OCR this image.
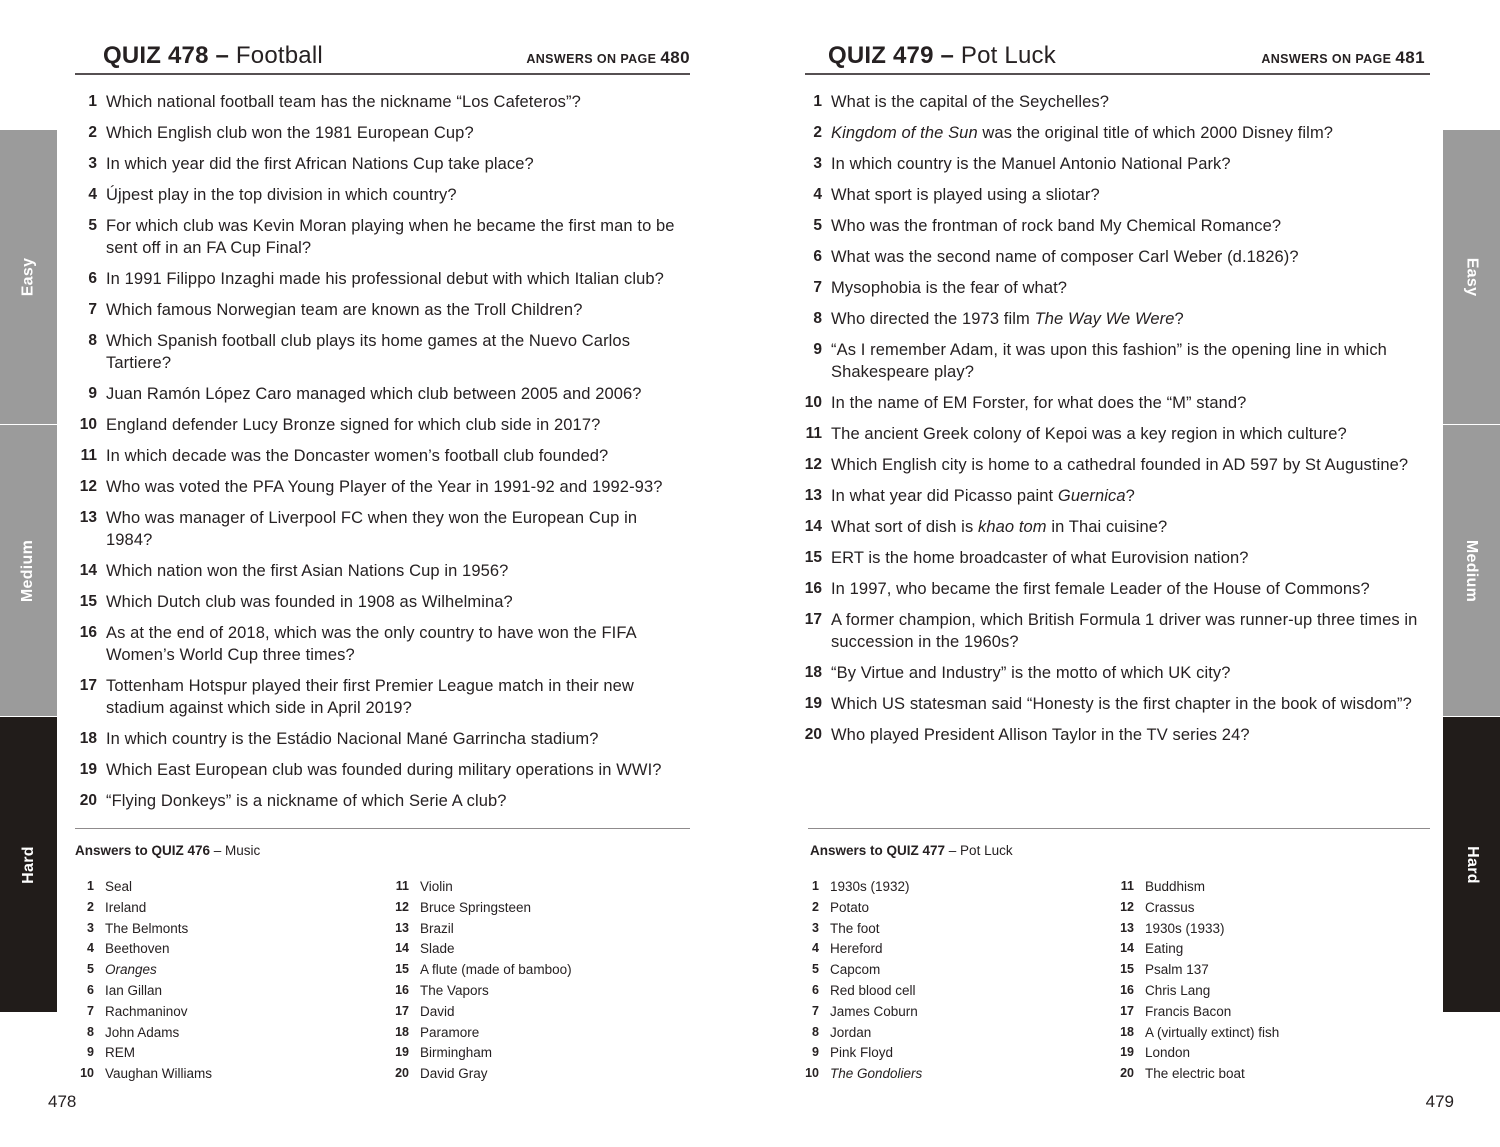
QUIZ 478 – Football	ANSWERS ON PAGE 480
1 Which national football team has the nickname “Los Cafeteros”?
2 Which English club won the 1981 European Cup?
3 In which year did the first African Nations Cup take place?
4 Újpest play in the top division in which country?
5 For which club was Kevin Moran playing when he became the first man to be sent off in an FA Cup Final?
6 In 1991 Filippo Inzaghi made his professional debut with which Italian club?
7 Which famous Norwegian team are known as the Troll Children?
8 Which Spanish football club plays its home games at the Nuevo Carlos Tartiere?
9 Juan Ramón López Caro managed which club between 2005 and 2006?
10 England defender Lucy Bronze signed for which club side in 2017?
11 In which decade was the Doncaster women’s football club founded?
12 Who was voted the PFA Young Player of the Year in 1991-92 and 1992-93?
13 Who was manager of Liverpool FC when they won the European Cup in 1984?
14 Which nation won the first Asian Nations Cup in 1956?
15 Which Dutch club was founded in 1908 as Wilhelmina?
16 As at the end of 2018, which was the only country to have won the FIFA Women’s World Cup three times?
17 Tottenham Hotspur played their first Premier League match in their new stadium against which side in April 2019?
18 In which country is the Estádio Nacional Mané Garrincha stadium?
19 Which East European club was founded during military operations in WWI?
20 “Flying Donkeys” is a nickname of which Serie A club?
Answers to QUIZ 476 – Music
1 Seal
2 Ireland
3 The Belmonts
4 Beethoven
5 Oranges
6 Ian Gillan
7 Rachmaninov
8 John Adams
9 REM
10 Vaughan Williams
11 Violin
12 Bruce Springsteen
13 Brazil
14 Slade
15 A flute (made of bamboo)
16 The Vapors
17 David
18 Paramore
19 Birmingham
20 David Gray
478
QUIZ 479 – Pot Luck	ANSWERS ON PAGE 481
1 What is the capital of the Seychelles?
2 Kingdom of the Sun was the original title of which 2000 Disney film?
3 In which country is the Manuel Antonio National Park?
4 What sport is played using a sliotar?
5 Who was the frontman of rock band My Chemical Romance?
6 What was the second name of composer Carl Weber (d.1826)?
7 Mysophobia is the fear of what?
8 Who directed the 1973 film The Way We Were?
9 “As I remember Adam, it was upon this fashion” is the opening line in which Shakespeare play?
10 In the name of EM Forster, for what does the “M” stand?
11 The ancient Greek colony of Kepoi was a key region in which culture?
12 Which English city is home to a cathedral founded in AD 597 by St Augustine?
13 In what year did Picasso paint Guernica?
14 What sort of dish is khao tom in Thai cuisine?
15 ERT is the home broadcaster of what Eurovision nation?
16 In 1997, who became the first female Leader of the House of Commons?
17 A former champion, which British Formula 1 driver was runner-up three times in succession in the 1960s?
18 “By Virtue and Industry” is the motto of which UK city?
19 Which US statesman said “Honesty is the first chapter in the book of wisdom”?
20 Who played President Allison Taylor in the TV series 24?
Answers to QUIZ 477 – Pot Luck
1 1930s (1932)
2 Potato
3 The foot
4 Hereford
5 Capcom
6 Red blood cell
7 James Coburn
8 Jordan
9 Pink Floyd
10 The Gondoliers
11 Buddhism
12 Crassus
13 1930s (1933)
14 Eating
15 Psalm 137
16 Chris Lang
17 Francis Bacon
18 A (virtually extinct) fish
19 London
20 The electric boat
479
Easy
Medium
Hard
Easy
Medium
Hard
